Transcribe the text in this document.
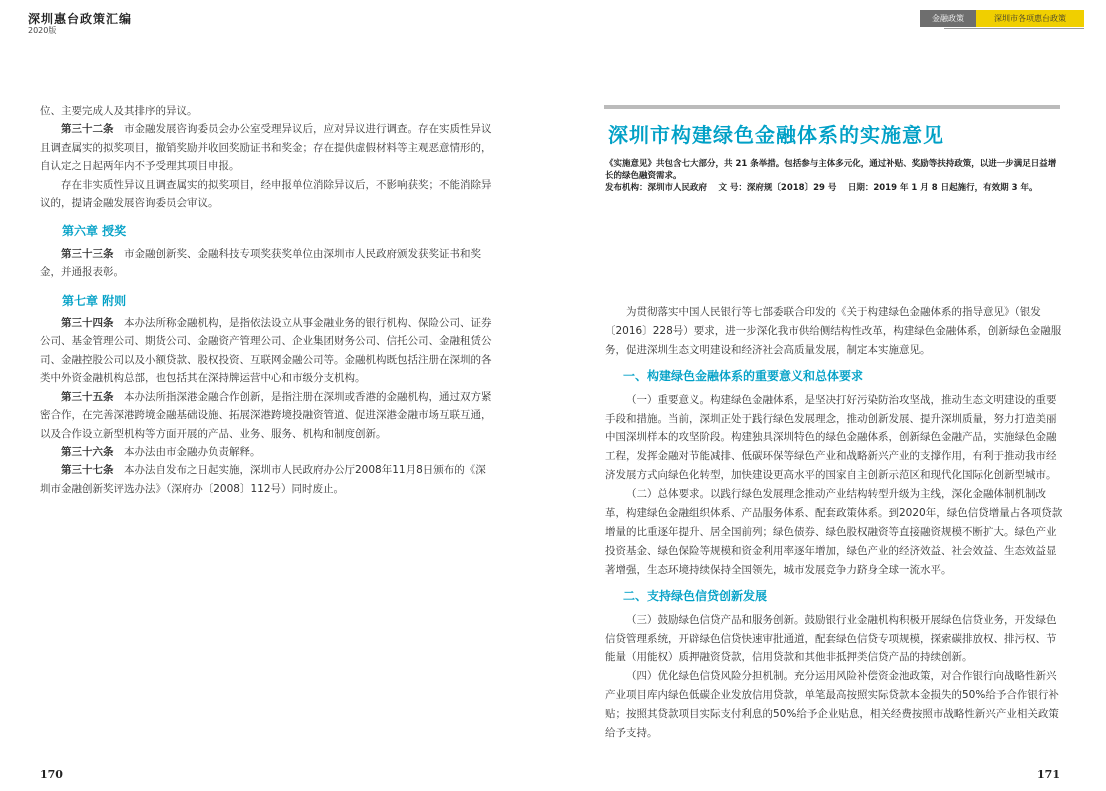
深圳惠台政策汇编
2020版
金融政策	深圳市各项惠台政策

位、主要完成人及其排序的异议。

第三十二条　 市金融发展咨询委员会办公室受理异议后，应对异议进行调查。存在实质性异议且调查属实的拟奖项目，撤销奖励并收回奖励证书和奖金；存在提供虚假材料等主观恶意情形的，自认定之日起两年内不予受理其项目申报。

存在非实质性异议且调查属实的拟奖项目，经申报单位消除异议后，不影响获奖；不能消除异议的，提请金融发展咨询委员会审议。

第六章 授奖

第三十三条　 市金融创新奖、金融科技专项奖获奖单位由深圳市人民政府颁发获奖证书和奖金，并通报表彰。

第七章 附则

第三十四条　 本办法所称金融机构，是指依法设立从事金融业务的银行机构、保险公司、证券公司、基金管理公司、期货公司、金融资产管理公司、企业集团财务公司、信托公司、金融租赁公司、金融控股公司以及小额贷款、股权投资、互联网金融公司等。金融机构既包括注册在深圳的各类中外资金融机构总部，也包括其在深持牌运营中心和市级分支机构。

第三十五条　 本办法所指深港金融合作创新，是指注册在深圳或香港的金融机构，通过双方紧密合作，在完善深港跨境金融基础设施、拓展深港跨境投融资管道、促进深港金融市场互联互通，以及合作设立新型机构等方面开展的产品、业务、服务、机构和制度创新。

第三十六条　 本办法由市金融办负责解释。

第三十七条　 本办法自发布之日起实施，深圳市人民政府办公厅2008年11月8日颁布的《深圳市金融创新奖评选办法》（深府办〔2008〕112号）同时废止。

深圳市构建绿色金融体系的实施意见

《实施意见》共包含七大部分，共 21 条举措。包括参与主体多元化，通过补贴、奖励等扶持政策，以进一步满足日益增长的绿色融资需求。

发布机构：深圳市人民政府　 文 号：深府规〔2018〕29 号　 日期：2019 年 1 月 8 日起施行，有效期 3 年。

为贯彻落实中国人民银行等七部委联合印发的《关于构建绿色金融体系的指导意见》（银发〔2016〕228号）要求，进一步深化我市供给侧结构性改革，构建绿色金融体系，创新绿色金融服务，促进深圳生态文明建设和经济社会高质量发展，制定本实施意见。

一、构建绿色金融体系的重要意义和总体要求

（一）重要意义。构建绿色金融体系，是坚决打好污染防治攻坚战，推动生态文明建设的重要手段和措施。当前，深圳正处于践行绿色发展理念，推动创新发展、提升深圳质量，努力打造美丽中国深圳样本的攻坚阶段。构建独具深圳特色的绿色金融体系，创新绿色金融产品，实施绿色金融工程，发挥金融对节能减排、低碳环保等绿色产业和战略新兴产业的支撑作用，有利于推动我市经济发展方式向绿色化转型，加快建设更高水平的国家自主创新示范区和现代化国际化创新型城市。

（二）总体要求。以践行绿色发展理念推动产业结构转型升级为主线，深化金融体制机制改革，构建绿色金融组织体系、产品服务体系、配套政策体系。到2020年，绿色信贷增量占各项贷款增量的比重逐年提升、居全国前列；绿色债券、绿色股权融资等直接融资规模不断扩大。绿色产业投资基金、绿色保险等规模和资金利用率逐年增加，绿色产业的经济效益、社会效益、生态效益显著增强，生态环境持续保持全国领先，城市发展竞争力跻身全球一流水平。

二、支持绿色信贷创新发展

（三）鼓励绿色信贷产品和服务创新。鼓励银行业金融机构积极开展绿色信贷业务，开发绿色信贷管理系统，开辟绿色信贷快速审批通道，配套绿色信贷专项规模，探索碳排放权、排污权、节能量（用能权）质押融资贷款，信用贷款和其他非抵押类信贷产品的持续创新。

（四）优化绿色信贷风险分担机制。充分运用风险补偿资金池政策，对合作银行向战略性新兴产业项目库内绿色低碳企业发放信用贷款，单笔最高按照实际贷款本金损失的50%给予合作银行补贴；按照其贷款项目实际支付利息的50%给予企业贴息，相关经费按照市战略性新兴产业相关政策给予支持。

170	171
